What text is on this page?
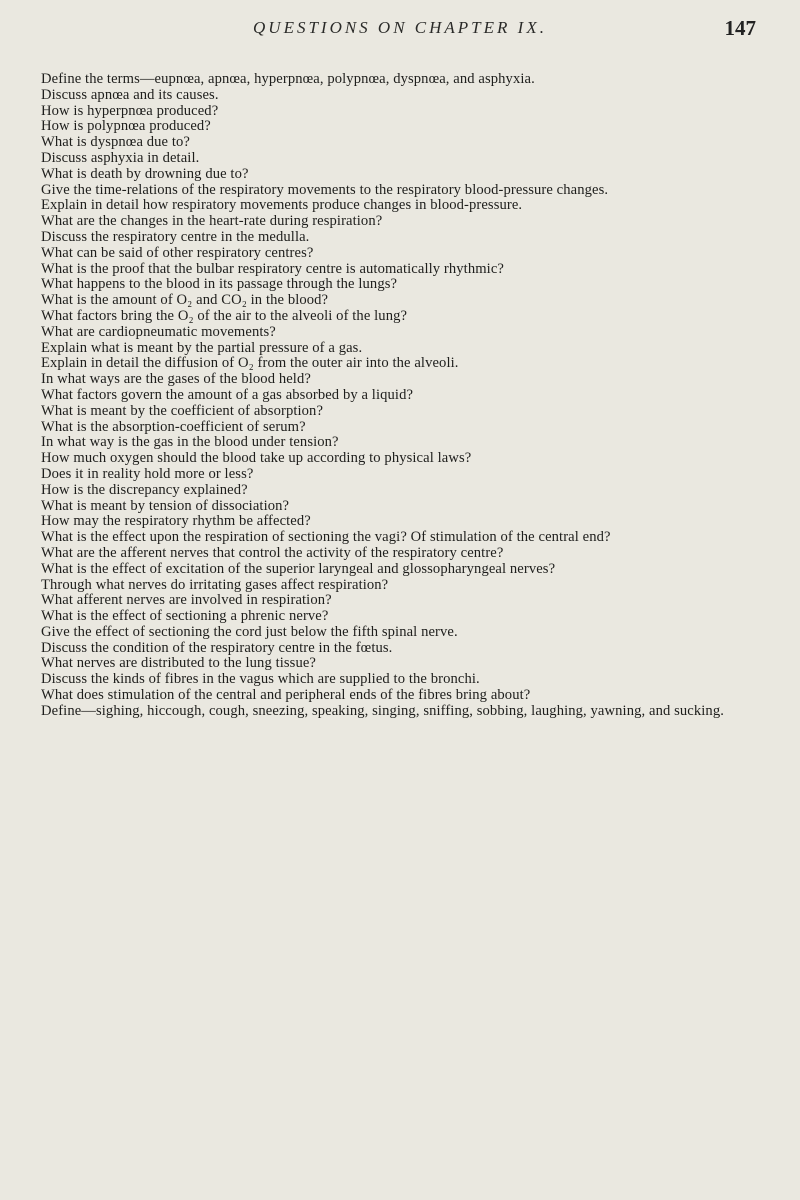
QUESTIONS ON CHAPTER IX.	147

Define the terms—eupnœa, apnœa, hyperpnœa, polypnœa, dyspnœa, and asphyxia.

Discuss apnœa and its causes.

How is hyperpnœa produced?

How is polypnœa produced?

What is dyspnœa due to?

Discuss asphyxia in detail.

What is death by drowning due to?

Give the time-relations of the respiratory movements to the respiratory blood-pressure changes.

Explain in detail how respiratory movements produce changes in blood-pressure.

What are the changes in the heart-rate during respiration?

Discuss the respiratory centre in the medulla.

What can be said of other respiratory centres?

What is the proof that the bulbar respiratory centre is automatically rhythmic?

What happens to the blood in its passage through the lungs?

What is the amount of O₂ and CO₂ in the blood?

What factors bring the O₂ of the air to the alveoli of the lung?

What are cardiopneumatic movements?

Explain what is meant by the partial pressure of a gas.

Explain in detail the diffusion of O₂ from the outer air into the alveoli.

In what ways are the gases of the blood held?

What factors govern the amount of a gas absorbed by a liquid?

What is meant by the coefficient of absorption?

What is the absorption-coefficient of serum?

In what way is the gas in the blood under tension?

How much oxygen should the blood take up according to physical laws?

Does it in reality hold more or less?

How is the discrepancy explained?

What is meant by tension of dissociation?

How may the respiratory rhythm be affected?

What is the effect upon the respiration of sectioning the vagi? Of stimulation of the central end?

What are the afferent nerves that control the activity of the respiratory centre?

What is the effect of excitation of the superior laryngeal and glossopharyngeal nerves?

Through what nerves do irritating gases affect respiration?

What afferent nerves are involved in respiration?

What is the effect of sectioning a phrenic nerve?

Give the effect of sectioning the cord just below the fifth spinal nerve.

Discuss the condition of the respiratory centre in the fœtus.

What nerves are distributed to the lung tissue?

Discuss the kinds of fibres in the vagus which are supplied to the bronchi.

What does stimulation of the central and peripheral ends of the fibres bring about?

Define—sighing, hiccough, cough, sneezing, speaking, singing, sniffing, sobbing, laughing, yawning, and sucking.
